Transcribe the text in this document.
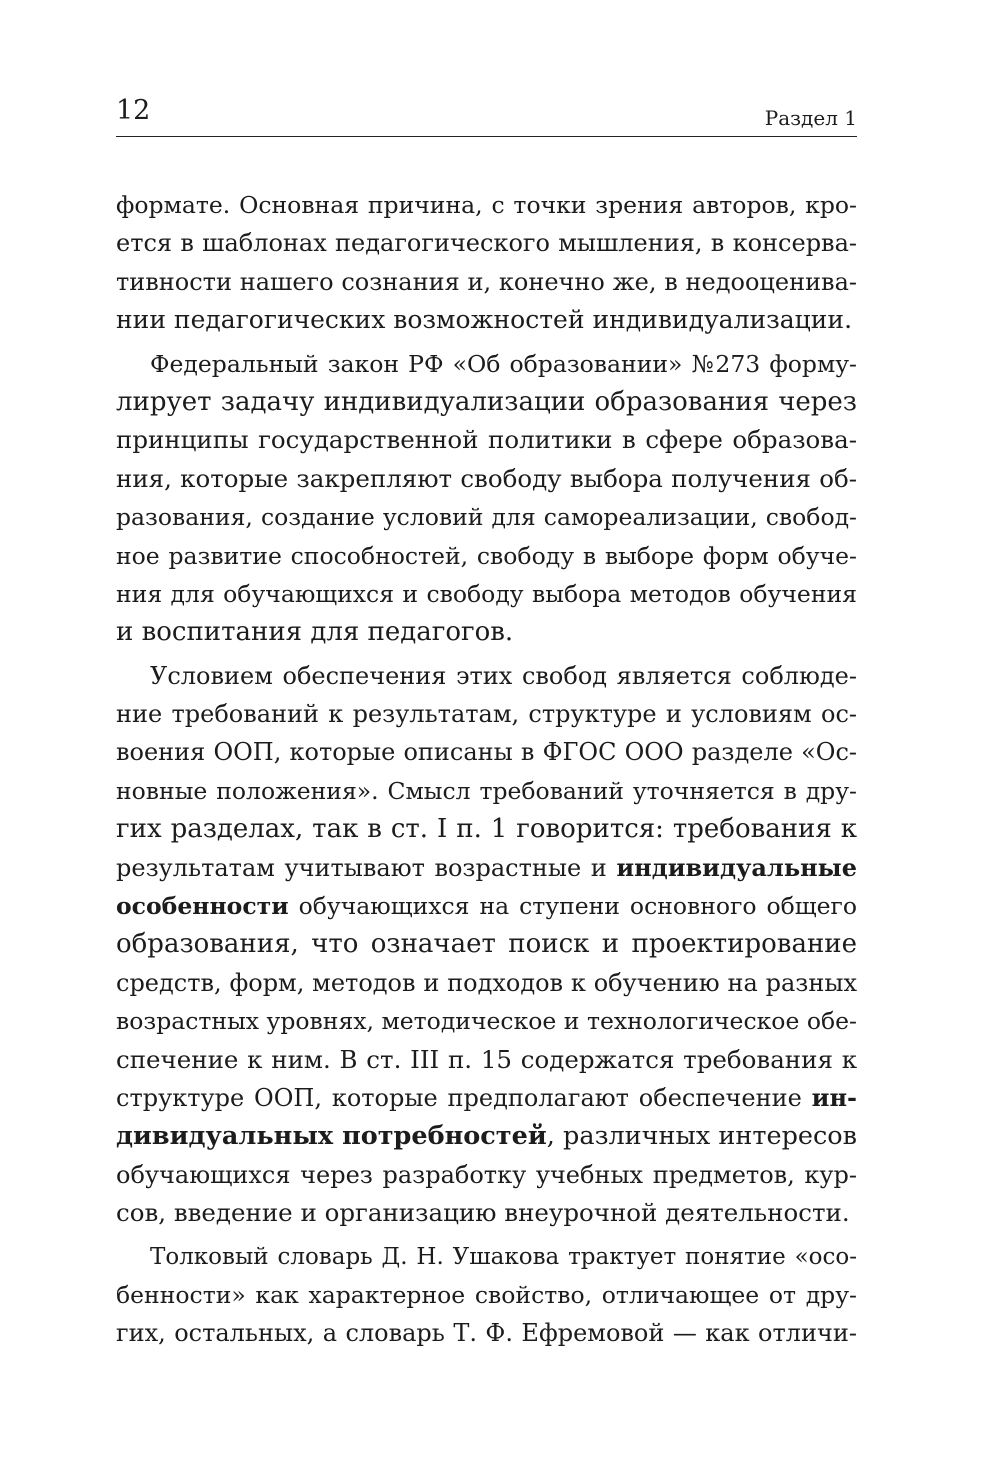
12	Раздел 1
формате. Основная причина, с точки зрения авторов, кро-
ется в шаблонах педагогического мышления, в консерва-
тивности нашего сознания и, конечно же, в недооценива-
нии педагогических возможностей индивидуализации.
Федеральный закон РФ «Об образовании» №273 форму-
лирует задачу индивидуализации образования через
принципы государственной политики в сфере образова-
ния, которые закрепляют свободу выбора получения об-
разования, создание условий для самореализации, свобод-
ное развитие способностей, свободу в выборе форм обуче-
ния для обучающихся и свободу выбора методов обучения
и воспитания для педагогов.
Условием обеспечения этих свобод является соблюде-
ние требований к результатам, структуре и условиям ос-
воения ООП, которые описаны в ФГОС ООО разделе «Ос-
новные положения». Смысл требований уточняется в дру-
гих разделах, так в ст. I п. 1 говорится: требования к
результатам учитывают возрастные и индивидуальные
особенности обучающихся на ступени основного общего
образования, что означает поиск и проектирование
средств, форм, методов и подходов к обучению на разных
возрастных уровнях, методическое и технологическое обе-
спечение к ним. В ст. III п. 15 содержатся требования к
структуре ООП, которые предполагают обеспечение ин-
дивидуальных потребностей, различных интересов
обучающихся через разработку учебных предметов, кур-
сов, введение и организацию внеурочной деятельности.
Толковый словарь Д. Н. Ушакова трактует понятие «осо-
бенности» как характерное свойство, отличающее от дру-
гих, остальных, а словарь Т. Ф. Ефремовой — как отличи-
